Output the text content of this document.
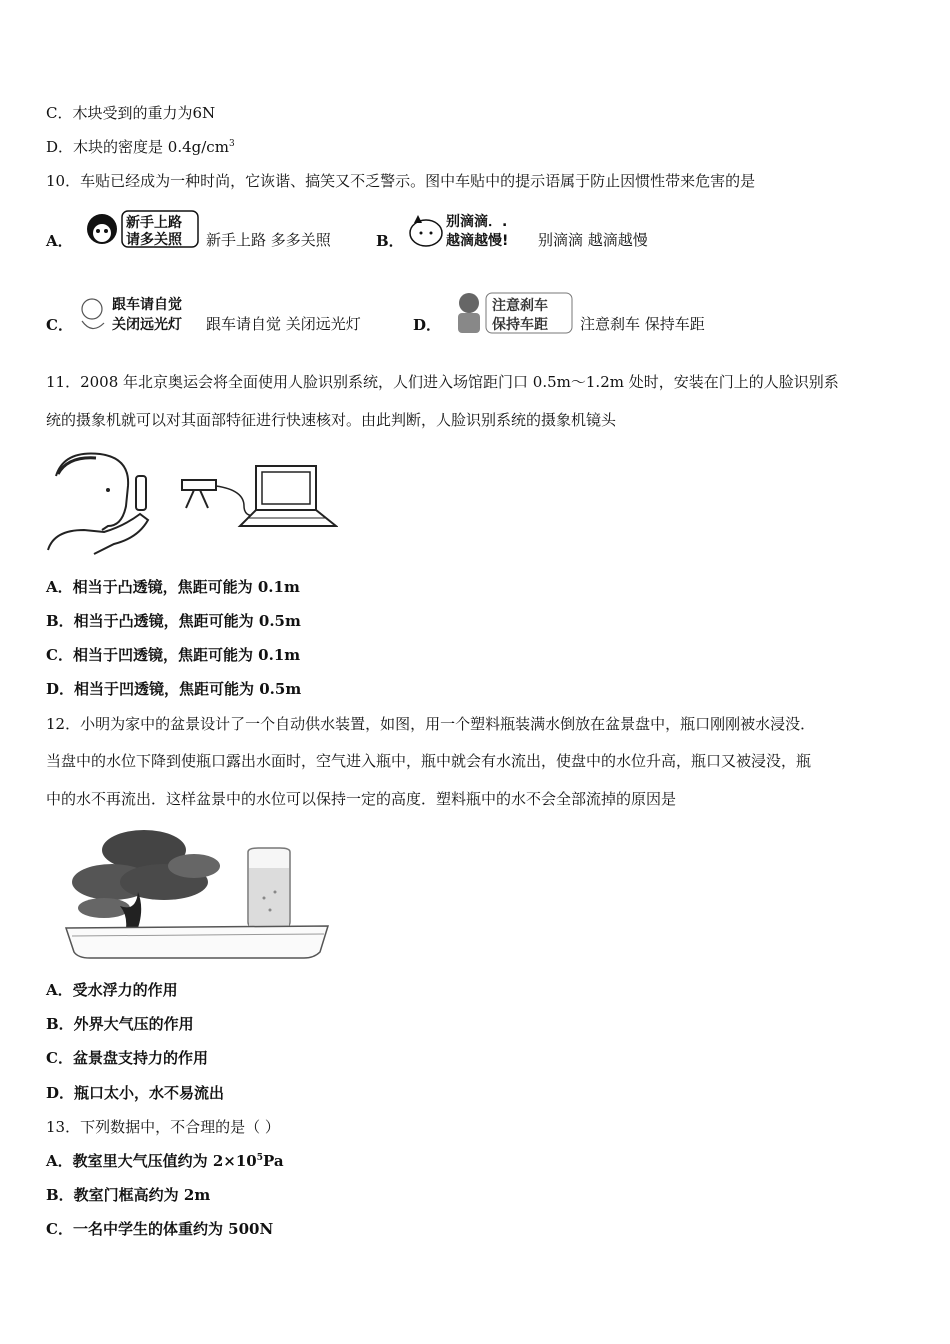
C．木块受到的重力为6N
D．木块的密度是 $0.4g/cm^3$
10．车贴已经成为一种时尚，它诙谐、搞笑又不乏警示。图中车贴中的提示语属于防止因惯性带来危害的是
A．
新手上路
请多关照 新手上路 多多关照	B．
别滴滴．.
越滴越慢! 别滴滴 越滴越慢
C．
跟车请自觉
关闭远光灯 跟车请自觉 关闭远光灯	D．
注意刹车
保持车距 注意刹车 保持车距
11．2008 年北京奥运会将全面使用人脸识别系统，人们进入场馆距门口 0.5m～1.2m 处时，安装在门上的人脸识别系
统的摄象机就可以对其面部特征进行快速核对。由此判断，人脸识别系统的摄象机镜头
A．相当于凸透镜，焦距可能为 0.1m
B．相当于凸透镜，焦距可能为 0.5m
C．相当于凹透镜，焦距可能为 0.1m
D．相当于凹透镜，焦距可能为 0.5m
12．小明为家中的盆景设计了一个自动供水装置，如图，用一个塑料瓶装满水倒放在盆景盘中，瓶口刚刚被水浸没．
当盘中的水位下降到使瓶口露出水面时，空气进入瓶中，瓶中就会有水流出，使盘中的水位升高，瓶口又被浸没，瓶
中的水不再流出．这样盆景中的水位可以保持一定的高度．塑料瓶中的水不会全部流掉的原因是
A．受水浮力的作用
B．外界大气压的作用
C．盆景盘支持力的作用
D．瓶口太小，水不易流出
13．下列数据中，不合理的是（ ）
A．教室里大气压值约为 $2\times 10^5Pa$
B．教室门框高约为 2m
C．一名中学生的体重约为 500N
